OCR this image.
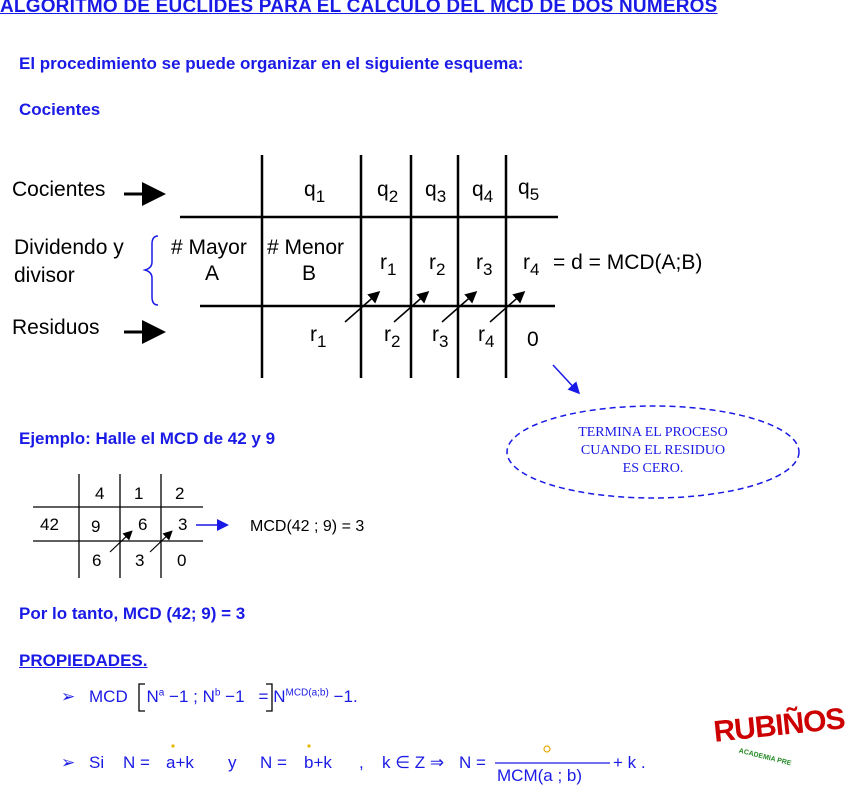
ALGORITMO DE EUCLIDES PARA EL CALCULO DEL MCD DE DOS NUMEROS
El procedimiento se puede organizar en el siguiente esquema:
Cocientes
Cocientes
Dividendo y
divisor
Residuos
$q_1$ $q_2$ $q_3$ $q_4$ $q_5$
# Mayor
A
# Menor
B	$r_1$ $r_2$ $r_3$ $r_4 = d$ = MCD(A;B)
$r_1$	$r_2$ $r_3$ $r_4$ 0
TERMINA EL PROCESO
CUANDO EL RESIDUO
ES CERO.
Ejemplo: Halle el MCD de 42 y 9
4 1 2
42 9 6 3
6 3 0
MCD(42 ; 9) = 3
Por lo tanto, MCD (42; 9) = 3
PROPIEDADES.
➢ MCD $N^a -1$ ; $N^b -1 = N^{MCD(a;b)} -1$.
➢ Si N = a+k y N = b+k , k ∈ Z ⇒ N =
MCM(a ; b)
+ k .
RUBIÑOS
ACADEMIA PRE
